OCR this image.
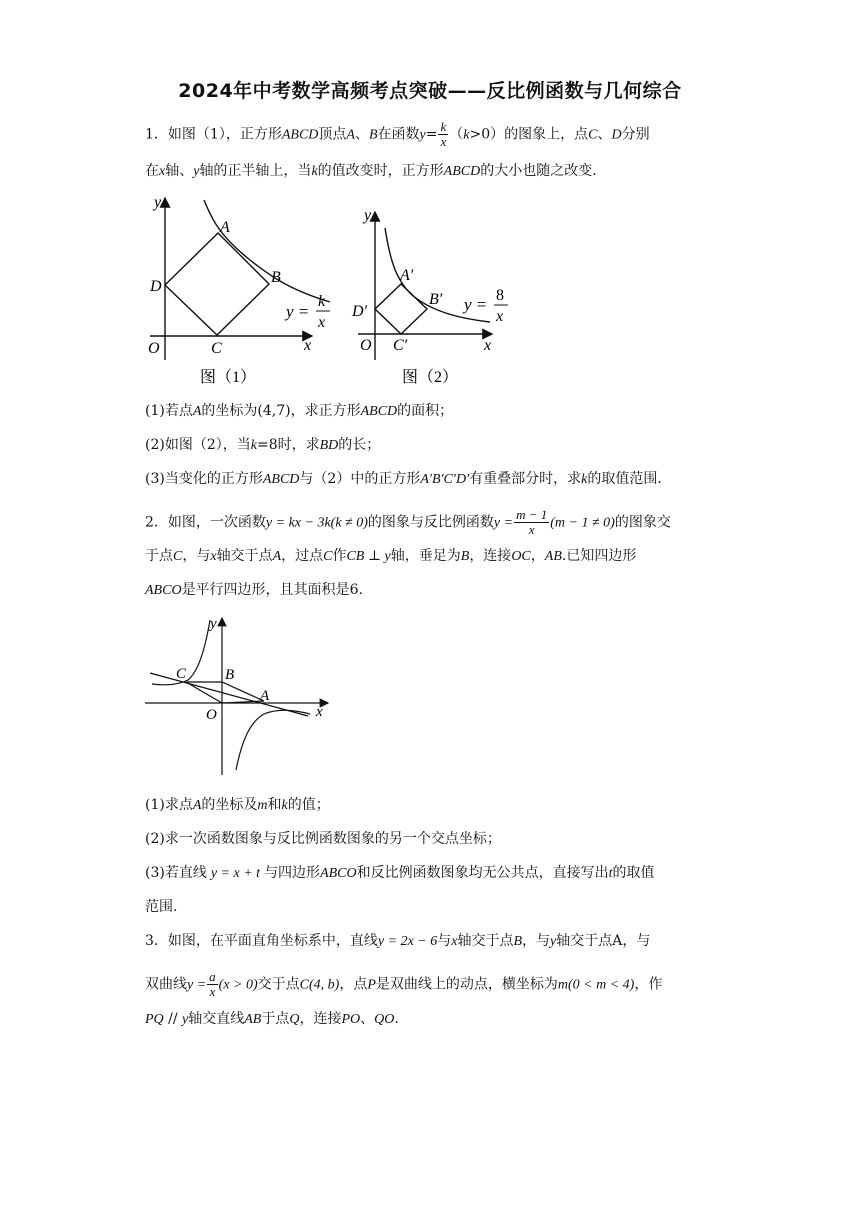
2024年中考数学高频考点突破——反比例函数与几何综合
1．如图（1），正方形ABCD顶点A、B在函数$y= \frac{k}{x} (k>0)$的图象上，点C、D分别
在x轴、y轴的正半轴上，当k的值改变时，正方形ABCD的大小也随之改变.
y
x
O
A
B
C
D
y =
k
x
图（1）
y
x
O
A′
B′
C′
D′	y = 8
x
图（2）
(1)若点A的坐标为(4,7)，求正方形ABCD的面积；
(2)如图（2），当k=8时，求BD的长；
(3)当变化的正方形ABCD与（2）中的正方形A′B′C′D′有重叠部分时，求k的取值范围.
2．如图，一次函数y = kx − 3k(k ≠ 0)的图象与反比例函数$y = \frac{m - 1}{x} (m - 1 \ne 0)$的图象交
于点C，与x轴交于点A，过点C作CB ⊥ y轴，垂足为B，连接OC，AB.已知四边形
ABCO是平行四边形，且其面积是6.
y
x
O
A
B
C
(1)求点A的坐标及m和k的值；
(2)求一次函数图象与反比例函数图象的另一个交点坐标；
(3)若直线 y = x + t 与四边形ABCO和反比例函数图象均无公共点，直接写出t的取值
范围.
3．如图，在平面直角坐标系中，直线y = 2x − 6与x轴交于点B，与y轴交于点A，与
双曲线$y = \frac{a}{x} (x > 0)$交于点C(4, b)，点P是双曲线上的动点，横坐标为m(0 < m < 4)，作
PQ // y轴交直线AB于点Q，连接PO、QO.
